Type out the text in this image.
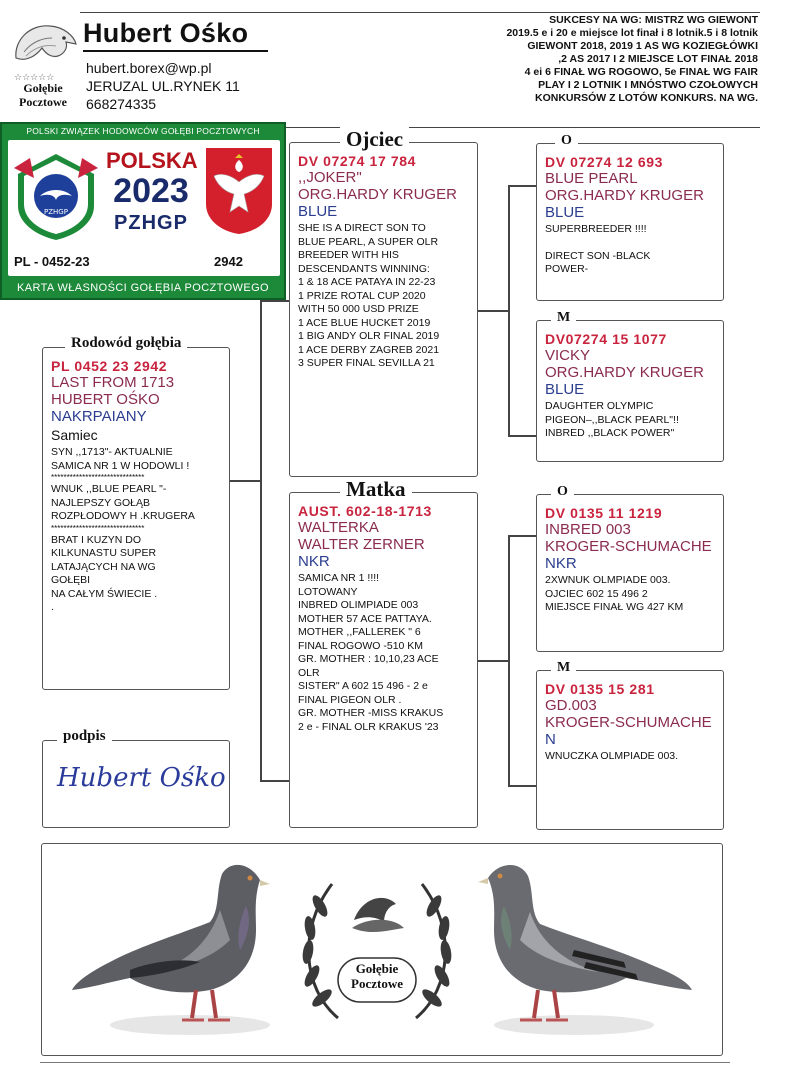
☆☆☆☆☆
Gołębie
Pocztowe
Hubert Ośko
hubert.borex@wp.pl
JERUZAL UL.RYNEK 11
668274335
SUKCESY NA WG: MISTRZ WG GIEWONT
2019.5 e i 20 e miejsce lot finał i 8 lotnik.5 i 8 lotnik
GIEWONT 2018, 2019 1 AS WG KOZIEGŁÓWKI
,2 AS 2017 I 2 MIEJSCE LOT FINAŁ 2018
4 ei 6 FINAŁ WG ROGOWO, 5e FINAŁ WG FAIR
PLAY I 2 LOTNIK I MNÓSTWO CZOŁOWYCH
KONKURSÓW Z LOTÓW KONKURS. NA WG.
POLSKI ZWIĄZEK HODOWCÓW GOŁĘBI POCZTOWYCH
PZHGP
POLSKA
2023
PZHGP
PL - 0452-23	2942
KARTA WŁASNOŚCI GOŁĘBIA POCZTOWEGO
Rodowód gołębia
PL 0452 23 2942
LAST FROM 1713
HUBERT OŚKO
NAKRPAIANY
Samiec
SYN ,,1713"- AKTUALNIE
SAMICA NR 1 W HODOWLI !
******************************
WNUK ,,BLUE PEARL "-
NAJLEPSZY GOŁĄB
ROZPŁODOWY H .KRUGERA
******************************
BRAT I KUZYN DO
KILKUNASTU SUPER
LATAJĄCYCH NA WG
GOŁĘBI
NA CAŁYM ŚWIECIE .
.
podpis
Hubert Ośko
Ojciec
DV 07274 17 784
,,JOKER"
ORG.HARDY KRUGER
BLUE
SHE IS A DIRECT SON TO
BLUE PEARL, A SUPER OLR
BREEDER WITH HIS
DESCENDANTS WINNING:
1 & 18 ACE PATAYA IN 22-23
1 PRIZE ROTAL CUP 2020
WITH 50 000 USD PRIZE
1 ACE BLUE HUCKET 2019
1 BIG ANDY OLR FINAL 2019
1 ACE DERBY ZAGREB 2021
3 SUPER FINAL SEVILLA 21
Matka
AUST. 602-18-1713
WALTERKA
WALTER ZERNER
NKR
SAMICA NR 1 !!!!
LOTOWANY
INBRED OLIMPIADE 003
MOTHER 57 ACE PATTAYA.
MOTHER ,,FALLEREK " 6
FINAL ROGOWO -510 KM
GR. MOTHER : 10,10,23 ACE
OLR
SISTER" A 602 15 496 - 2 e
FINAL PIGEON OLR .
GR. MOTHER -MISS KRAKUS
2 e - FINAL OLR KRAKUS '23
O
DV 07274 12 693
BLUE PEARL
ORG.HARDY KRUGER
BLUE
SUPERBREEDER !!!!
DIRECT SON -BLACK
POWER-
M
DV07274 15 1077
VICKY
ORG.HARDY KRUGER
BLUE
DAUGHTER OLYMPIC
PIGEON–,,BLACK PEARL"!!
INBRED ,,BLACK POWER"
O
DV 0135 11 1219
INBRED 003
KROGER-SCHUMACHE
NKR
2XWNUK OLMPIADE 003.
OJCIEC 602 15 496 2
MIEJSCE FINAŁ WG 427 KM
M
DV 0135 15 281
GD.003
KROGER-SCHUMACHE
N
WNUCZKA OLMPIADE 003.
Gołębie
Pocztowe
